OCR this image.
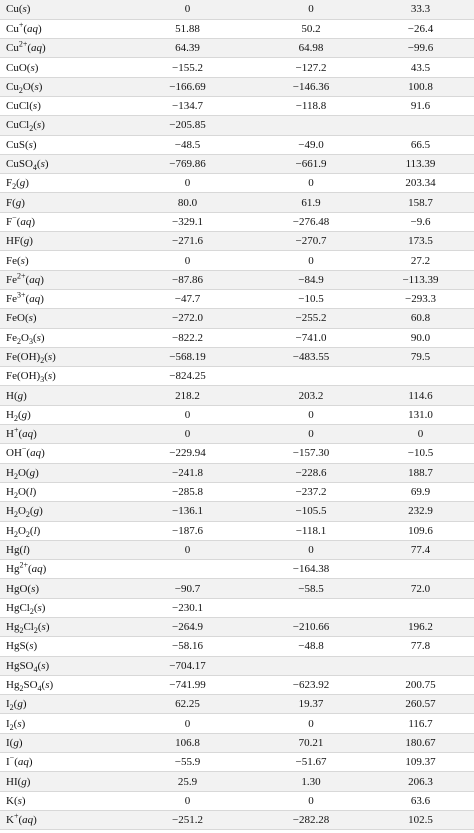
Cu(s)	0	0	33.3
Cu+(aq)	51.88	50.2	−26.4
$Cu^{2+}(aq)$	64.39	64.98	−99.6
CuO(s)	−155.2	−127.2	43.5
$Cu_2O(s)$	−166.69	−146.36	100.8
CuCl(s)	−134.7	−118.8	91.6
CuCl$_2$(s)	−205.85		
CuS(s)	−48.5	−49.0	66.5
CuSO$_4$(s)	−769.86	−661.9	113.39
$F_2(g)$	0	0	203.34
F(g)	80.0	61.9	158.7
F−(aq)	−329.1	−276.48	−9.6
HF(g)	−271.6	−270.7	173.5
Fe(s)	0	0	27.2
$Fe^{2+}(aq)$	−87.86	−84.9	−113.39
$Fe^{3+}(aq)$	−47.7	−10.5	−293.3
FeO(s)	−272.0	−255.2	60.8
$Fe_2O_3(s)$	−822.2	−741.0	90.0
$Fe(OH)_2(s)$	−568.19	−483.55	79.5
$Fe(OH)_3(s)$	−824.25		
H(g)	218.2	203.2	114.6
$H_2(g)$	0	0	131.0
H+(aq)	0	0	0
OH−(aq)	−229.94	−157.30	−10.5
$H_2O(g)$	−241.8	−228.6	188.7
$H_2O(l)$	−285.8	−237.2	69.9
$H_2O_2(g)$	−136.1	−105.5	232.9
$H_2O_2(l)$	−187.6	−118.1	109.6
Hg(l)	0	0	77.4
$Hg^{2+}(aq)$		−164.38	
HgO(s)	−90.7	−58.5	72.0
HgCl$_2$(s)	−230.1		
$Hg_2Cl_2(s)$	−264.9	−210.66	196.2
HgS(s)	−58.16	−48.8	77.8
HgSO$_4$(s)	−704.17		
$Hg_2SO_4(s)$	−741.99	−623.92	200.75
$I_2(g)$	62.25	19.37	260.57
$I_2(s)$	0	0	116.7
I(g)	106.8	70.21	180.67
I−(aq)	−55.9	−51.67	109.37
HI(g)	25.9	1.30	206.3
K(s)	0	0	63.6
K+(aq)	−251.2	−282.28	102.5
